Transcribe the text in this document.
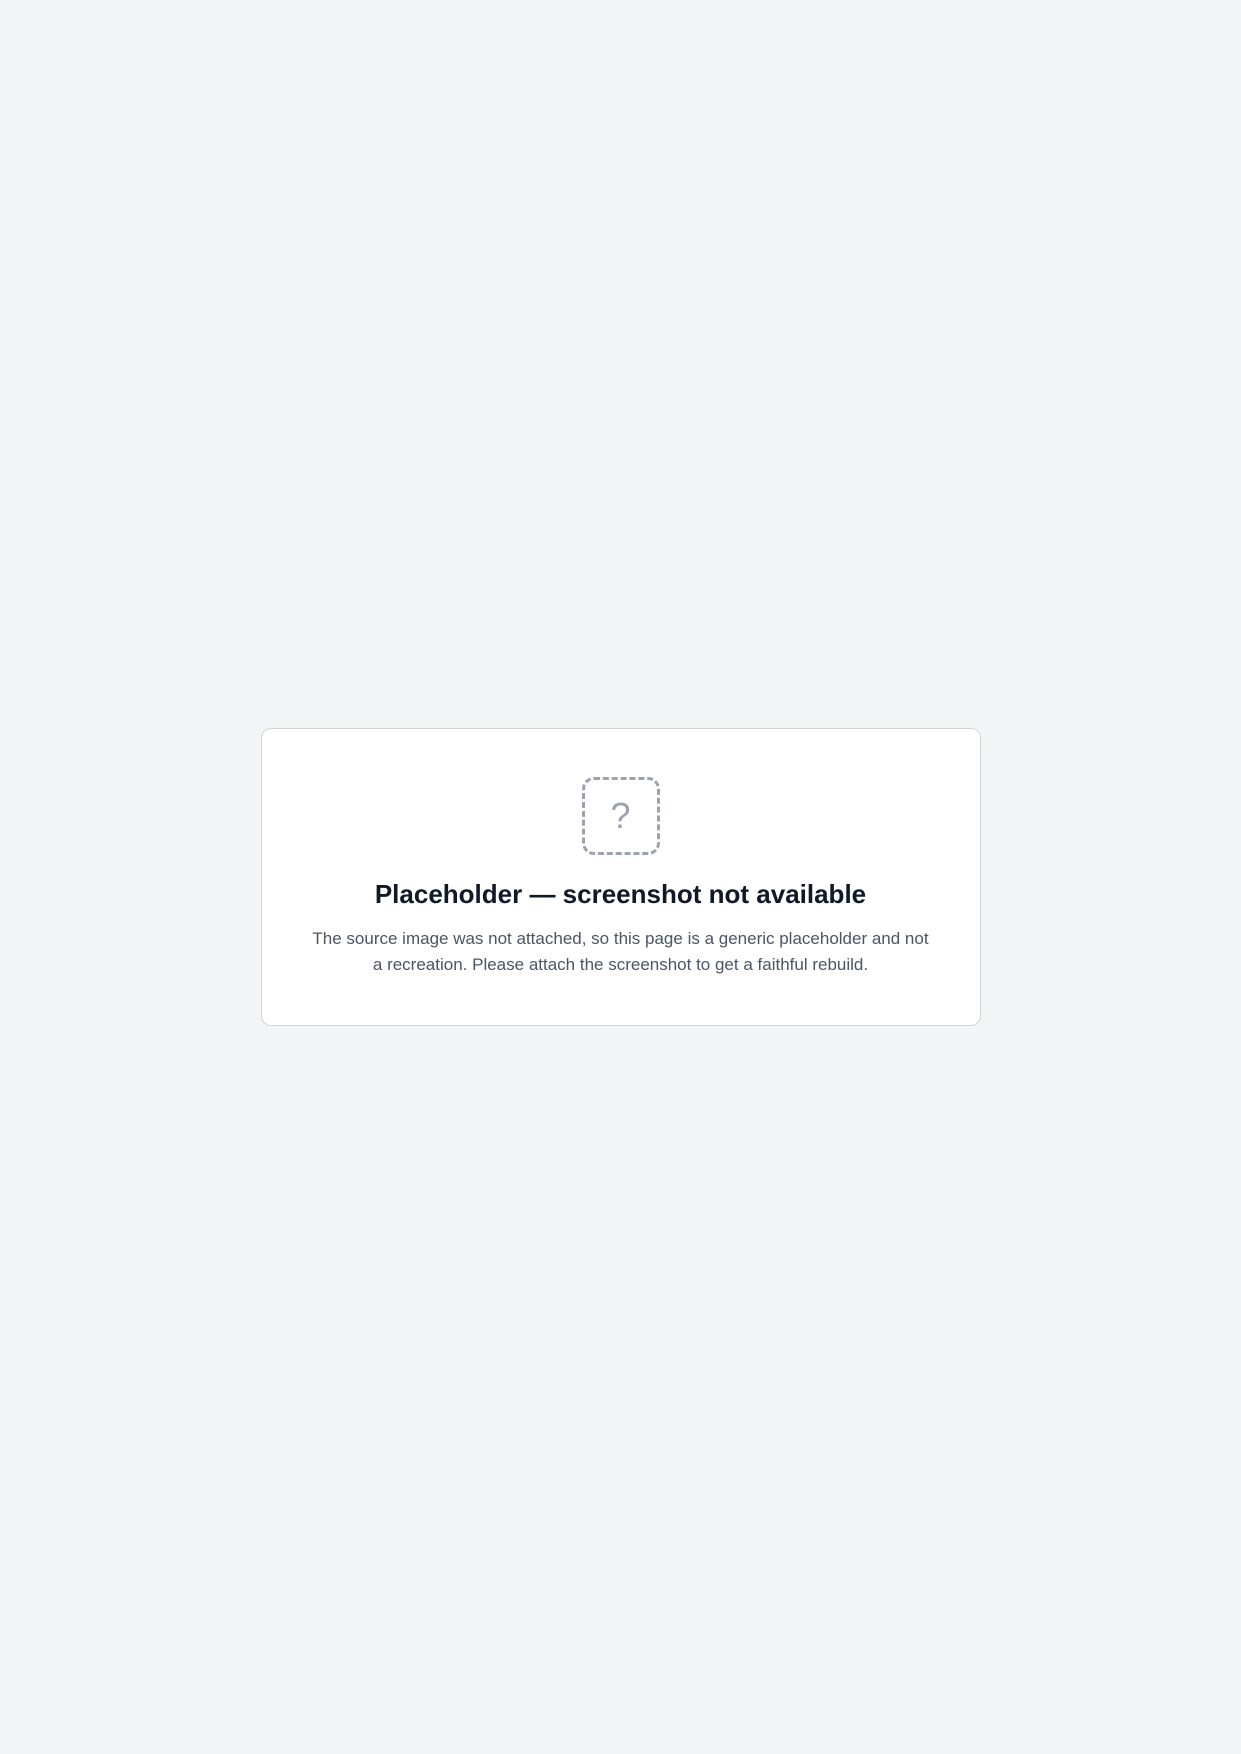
?
Placeholder — screenshot not available

The source image was not attached, so this page is a generic placeholder and not a recreation. Please attach the screenshot to get a faithful rebuild.
